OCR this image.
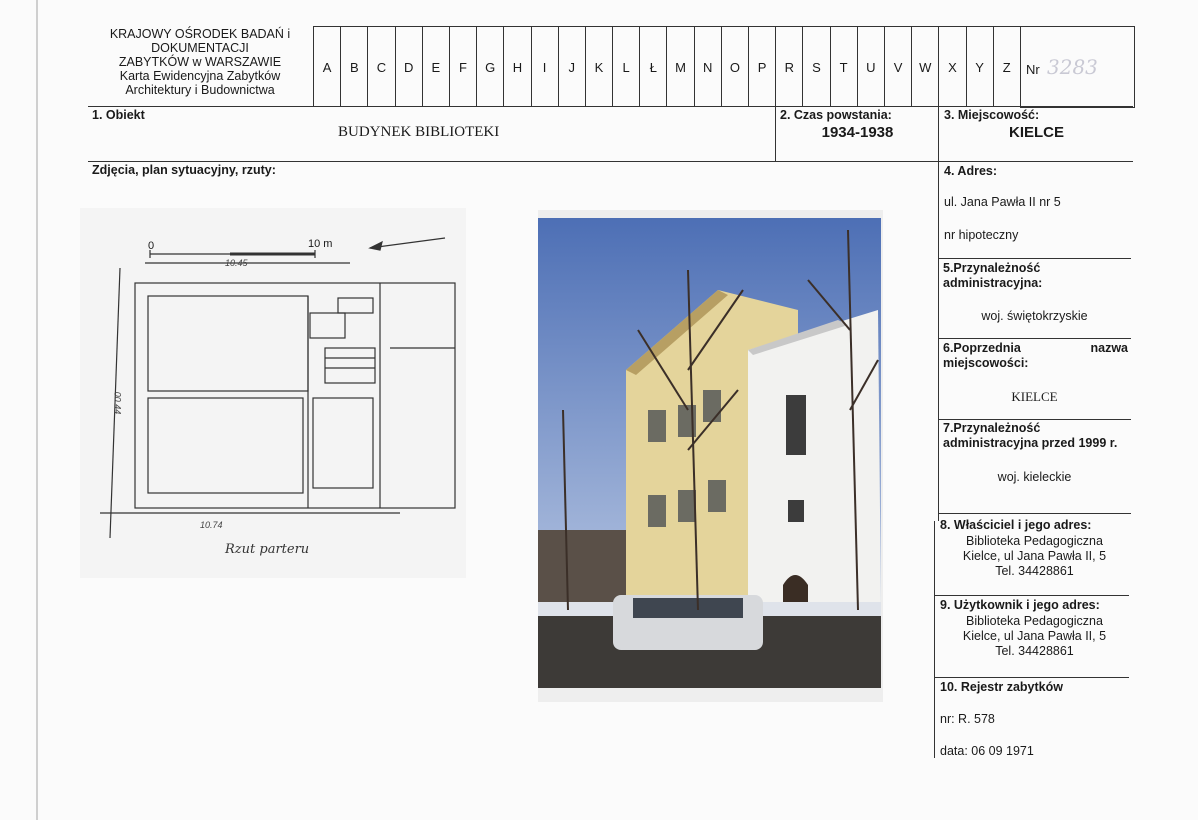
KRAJOWY OŚRODEK BADAŃ i
DOKUMENTACJI
ZABYTKÓW w WARSZAWIE
Karta Ewidencyjna Zabytków
Architektury i Budownictwa
A	B	C	D	E	F	G	H	I	J	K	L	Ł	M	N	O	P	R	S	T	U	V	W	X	Y	Z	Nr 3283
1. Obiekt
BUDYNEK BIBLIOTEKI
2. Czas powstania:
1934-1938
3. Miejscowość:
KIELCE
Zdjęcia, plan sytuacyjny, rzuty:
0	10 m
10.45
00.44
10.74
Rzut parteru
4. Adres:
ul. Jana Pawła II nr 5
nr hipoteczny
5.Przynależność administracyjna:
woj. świętokrzyskie
6.Poprzednia nazwa miejscowości:
KIELCE
7.Przynależność administracyjna przed 1999 r.
woj. kieleckie
8. Właściciel i jego adres:
Biblioteka Pedagogiczna
Kielce, ul Jana Pawła II, 5
Tel. 34428861
9. Użytkownik i jego adres:
Biblioteka Pedagogiczna
Kielce, ul Jana Pawła II, 5
Tel. 34428861
10. Rejestr zabytków
nr: R. 578
data: 06 09 1971
